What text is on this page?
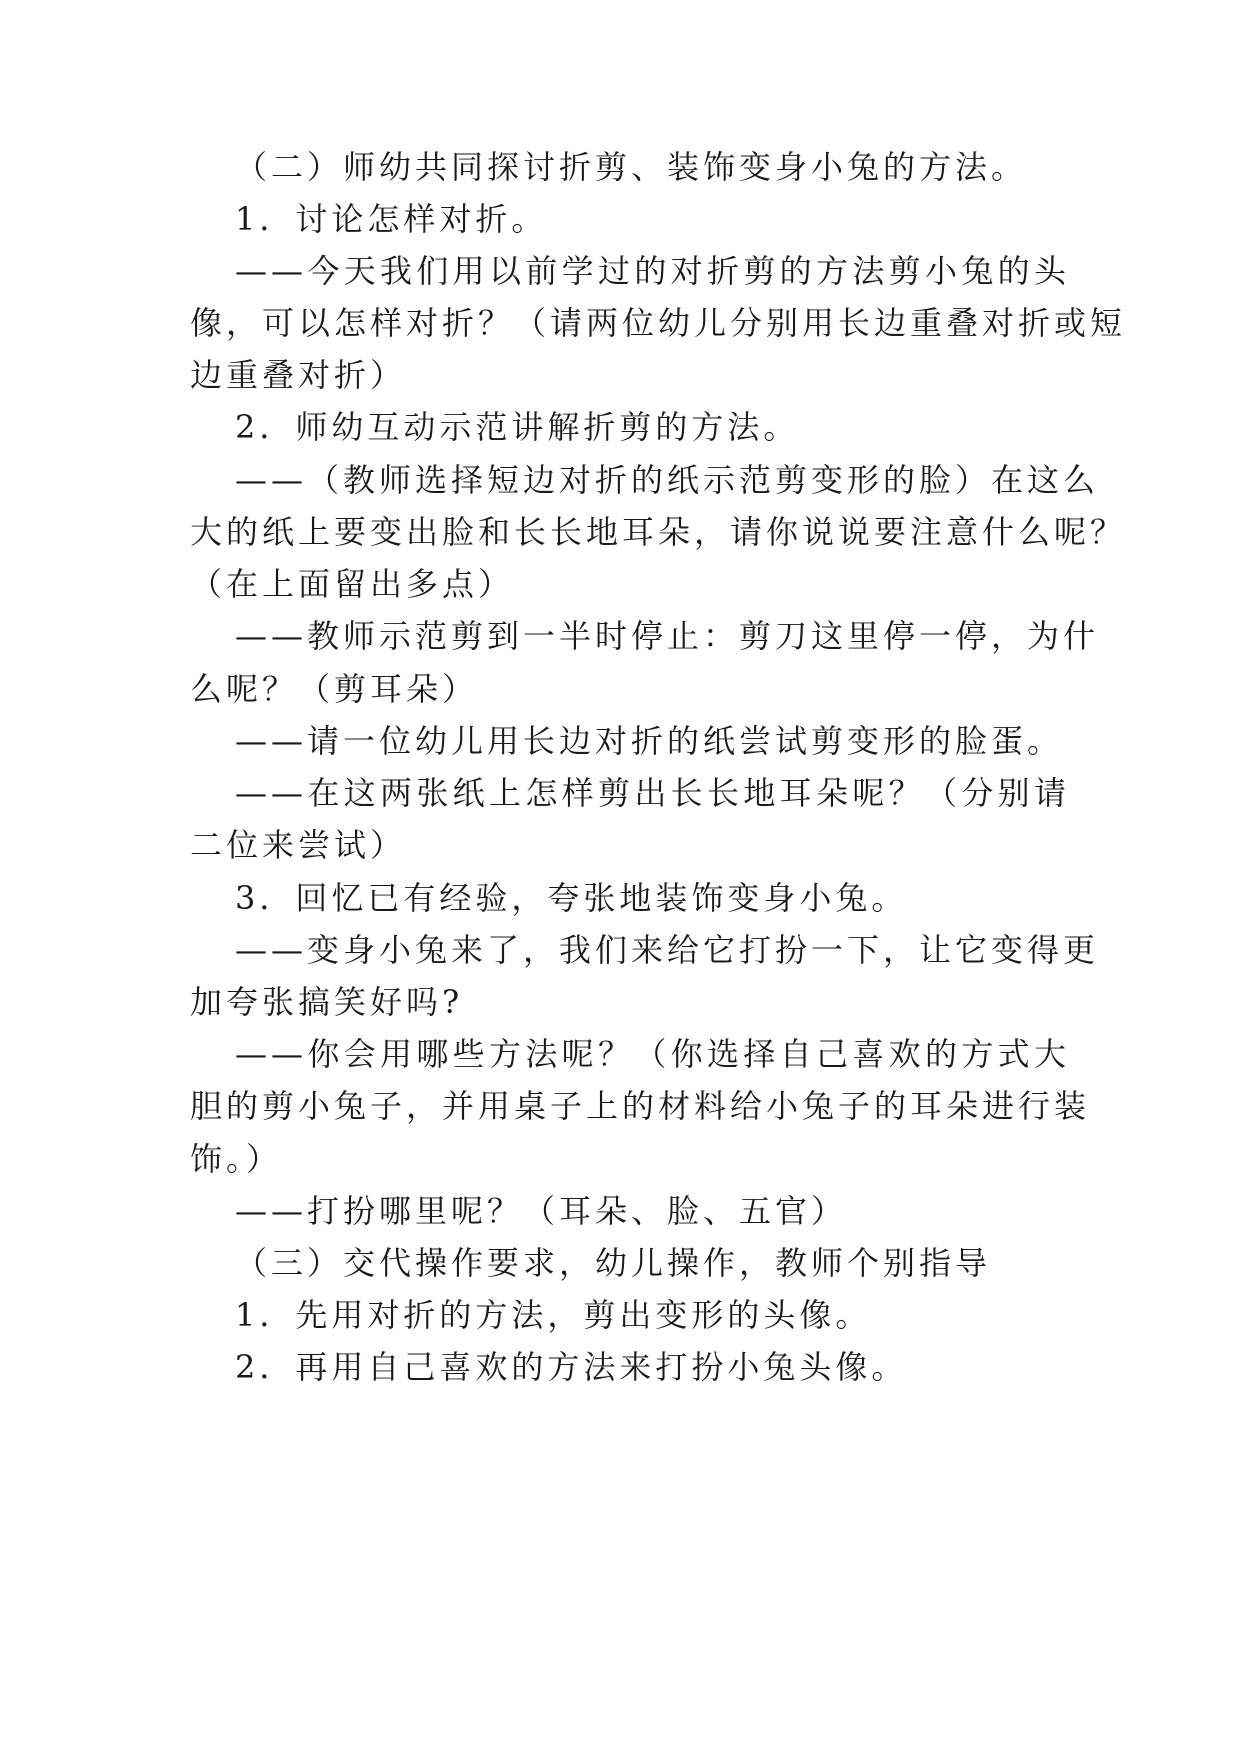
（二）师幼共同探讨折剪、装饰变身小兔的方法。
1．讨论怎样对折。
——今天我们用以前学过的对折剪的方法剪小兔的头
像，可以怎样对折？（请两位幼儿分别用长边重叠对折或短
边重叠对折）
2．师幼互动示范讲解折剪的方法。
——（教师选择短边对折的纸示范剪变形的脸）在这么
大的纸上要变出脸和长长地耳朵，请你说说要注意什么呢？
（在上面留出多点）
——教师示范剪到一半时停止：剪刀这里停一停，为什
么呢？（剪耳朵）
——请一位幼儿用长边对折的纸尝试剪变形的脸蛋。
——在这两张纸上怎样剪出长长地耳朵呢？（分别请
二位来尝试）
3．回忆已有经验，夸张地装饰变身小兔。
——变身小兔来了，我们来给它打扮一下，让它变得更
加夸张搞笑好吗?
——你会用哪些方法呢？（你选择自己喜欢的方式大
胆的剪小兔子，并用桌子上的材料给小兔子的耳朵进行装
饰。）
——打扮哪里呢？（耳朵、脸、五官）
（三）交代操作要求，幼儿操作，教师个别指导
1．先用对折的方法，剪出变形的头像。
2．再用自己喜欢的方法来打扮小兔头像。
